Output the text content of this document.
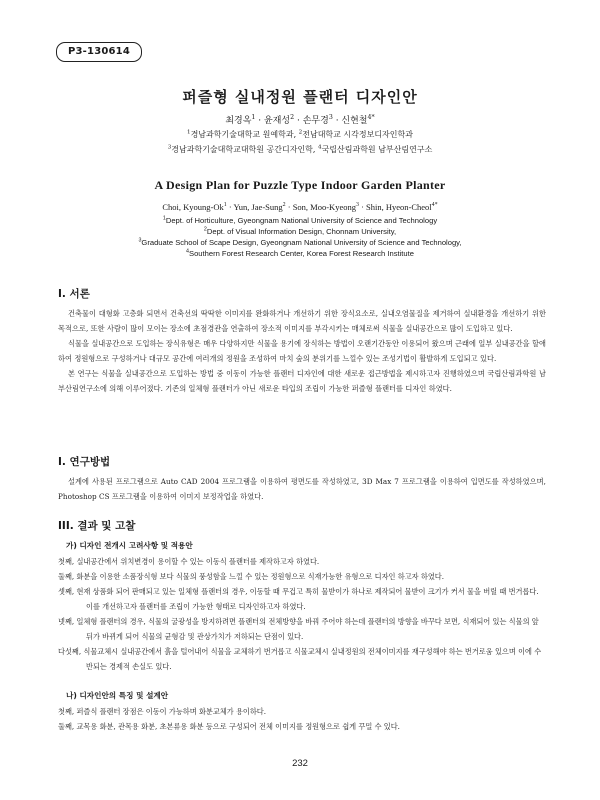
P3-130614
퍼즐형 실내정원 플랜터 디자인안
최경옥$^1$ · 윤재성$^2$ · 손무경$^3$ · 신현철$^{4*}$
$^1$경남과학기술대학교 원예학과, $^2$전남대학교 시각정보디자인학과
$^3$경남과학기술대학교대학원 공간디자인학, $^4$국립산림과학원 남부산림연구소
A Design Plan for Puzzle Type Indoor Garden Planter
Choi, Kyoung-$Ok^1$ · Yun, Jae-Sung$^2$ · Son, Moo-Kyeong$^3$ · Shin, Hyeon-Cheol$^{4*}$
$^1$Dept. of Horticulture, Gyeongnam National University of Science and Technology
$^2$Dept. of Visual Information Design, Chonnam University,
$^3$Graduate School of Scape Design, Gyeongnam National University of Science and Technology,
$^4$Southern Forest Research Center, Korea Forest Research Institute
I. 서론

건축물이 대형화 고층화 되면서 건축선의 딱딱한 이미지를 완화하거나 개선하기 위한 장식요소로, 실내오염물질을 제거하여 실내환경을 개선하기 위한 목적으로, 또한 사람이 많이 모이는 장소에 초점경관을 연출하여 장소적 이미지를 부각시키는 매체로써 식물을 실내공간으로 많이 도입하고 있다.

식물을 실내공간으로 도입하는 장식유형은 매우 다양하지만 식물을 용기에 장식하는 방법이 오랜기간동안 이용되어 왔으며 근래에 일부 실내공간을 할애하여 정원형으로 구성하거나 대규모 공간에 여러개의 정원을 조성하여 마치 숲의 분위기를 느낄수 있는 조성기법이 활발하게 도입되고 있다.

본 연구는 식물을 실내공간으로 도입하는 방법 중 이동이 가능한 플랜터 디자인에 대한 새로운 접근방법을 제시하고자 진행하였으며 국립산림과학원 남부산림연구소에 의해 이루어졌다. 기존의 일체형 플랜터가 아닌 새로운 타입의 조립이 가능한 퍼즐형 플랜터를 디자인 하였다.

I. 연구방법

설계에 사용된 프로그램으로 Auto CAD 2004 프로그램을 이용하여 평면도를 작성하였고, 3D Max 7 프로그램을 이용하여 입면도를 작성하였으며, Photoshop CS 프로그램을 이용하여 이미지 보정작업을 하였다.

III. 결과 및 고찰
가) 디자인 전개시 고려사항 및 적용안
첫째, 실내공간에서 위치변경이 용이할 수 있는 이동식 플랜터를 제작하고자 하였다.
둘째, 화분을 이용한 소품장식형 보다 식물의 풍성함을 느낄 수 있는 정원형으로 식재가능한 유형으로 디자인 하고자 하였다.
셋째, 현재 상품화 되어 판매되고 있는 일체형 플랜터의 경우, 이동할 때 무겁고 특히 물받이가 하나로 제작되어 물받이 크기가 커서 물을 버릴 때 번거롭다. 이를 개선하고자 플랜터를 조립이 가능한 형태로 디자인하고자 하였다.
넷째, 일체형 플랜터의 경우, 식물의 굴광성을 방지하려면 플랜터의 전체방향을 바꿔 주어야 하는데 플랜터의 방향을 바꾸다 보면, 식재되어 있는 식물의 앞 뒤가 바뀌게 되어 식물의 균형감 및 관상가치가 저하되는 단점이 있다.
다섯째, 식물교체시 실내공간에서 흙을 털어내어 식물을 교체하기 번거롭고 식물교체시 실내정원의 전체이미지를 재구성해야 하는 번거로움 있으며 이에 수반되는 경제적 손실도 있다.
나) 디자인안의 특징 및 설계안
첫째, 퍼즐식 플랜터 장점은 이동이 가능하며 화분교체가 용이하다.
둘째, 교목용 화분, 관목용 화분, 초본류용 화분 등으로 구성되어 전체 이미지를 정원형으로 쉽게 꾸밀 수 있다.
232
